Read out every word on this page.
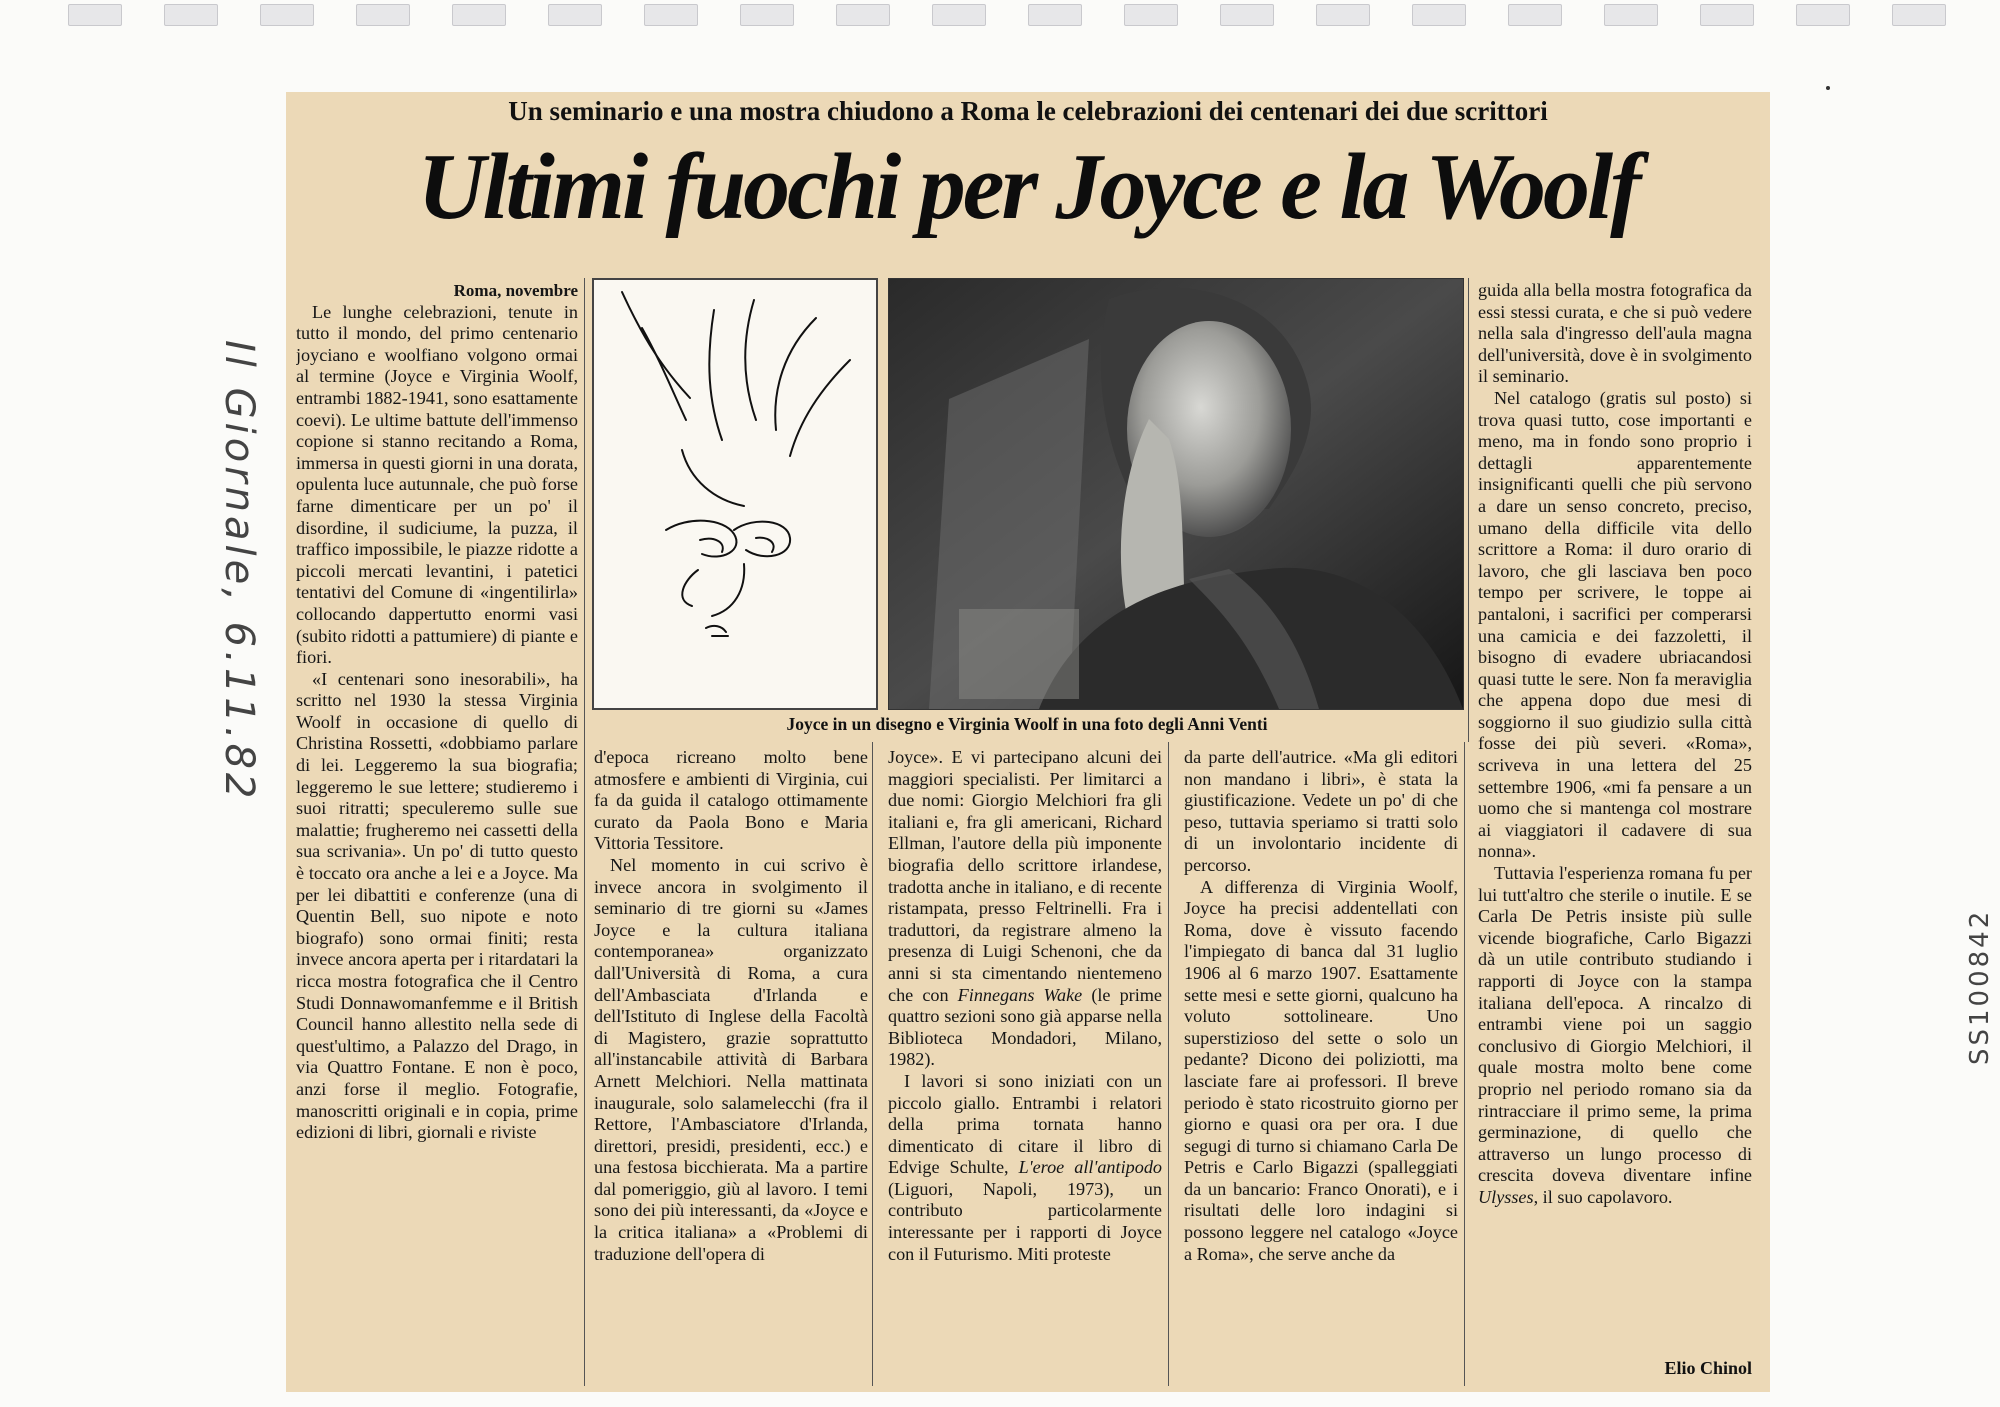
Il Giornale, 6.11.82
SS100842
Un seminario e una mostra chiudono a Roma le celebrazioni dei centenari dei due scrittori
Ultimi fuochi per Joyce e la Woolf
Roma, novembre

Le lunghe celebrazioni, tenute in tutto il mondo, del primo centenario joyciano e woolfiano volgono ormai al termine (Joyce e Virginia Woolf, entrambi 1882-1941, sono esattamente coevi). Le ultime battute dell'immenso copione si stanno recitando a Roma, immersa in questi giorni in una dorata, opulenta luce autunnale, che può forse farne dimenticare per un po' il disordine, il sudiciume, la puzza, il traffico impossibile, le piazze ridotte a piccoli mercati levantini, i patetici tentativi del Comune di «ingentilirla» collocando dappertutto enormi vasi (subito ridotti a pattumiere) di piante e fiori.

«I centenari sono inesorabili», ha scritto nel 1930 la stessa Virginia Woolf in occasione di quello di Christina Rossetti, «dobbiamo parlare di lei. Leggeremo la sua biografia; leggeremo le sue lettere; studieremo i suoi ritratti; speculeremo sulle sue malattie; frugheremo nei cassetti della sua scrivania». Un po' di tutto questo è toccato ora anche a lei e a Joyce. Ma per lei dibattiti e conferenze (una di Quentin Bell, suo nipote e noto biografo) sono ormai finiti; resta invece ancora aperta per i ritardatari la ricca mostra fotografica che il Centro Studi Donnawomanfemme e il British Council hanno allestito nella sede di quest'ultimo, a Palazzo del Drago, in via Quattro Fontane. E non è poco, anzi forse il meglio. Fotografie, manoscritti originali e in copia, prime edizioni di libri, giornali e riviste

Joyce in un disegno e Virginia Woolf in una foto degli Anni Venti

d'epoca ricreano molto bene atmosfere e ambienti di Virginia, cui fa da guida il catalogo ottimamente curato da Paola Bono e Maria Vittoria Tessitore.

Nel momento in cui scrivo è invece ancora in svolgimento il seminario di tre giorni su «James Joyce e la cultura italiana contemporanea» organizzato dall'Università di Roma, a cura dell'Ambasciata d'Irlanda e dell'Istituto di Inglese della Facoltà di Magistero, grazie soprattutto all'instancabile attività di Barbara Arnett Melchiori. Nella mattinata inaugurale, solo salamelecchi (fra il Rettore, l'Ambasciatore d'Irlanda, direttori, presidi, presidenti, ecc.) e una festosa bicchierata. Ma a partire dal pomeriggio, giù al lavoro. I temi sono dei più interessanti, da «Joyce e la critica italiana» a «Problemi di traduzione dell'opera di

Joyce». E vi partecipano alcuni dei maggiori specialisti. Per limitarci a due nomi: Giorgio Melchiori fra gli italiani e, fra gli americani, Richard Ellman, l'autore della più imponente biografia dello scrittore irlandese, tradotta anche in italiano, e di recente ristampata, presso Feltrinelli. Fra i traduttori, da registrare almeno la presenza di Luigi Schenoni, che da anni si sta cimentando nientemeno che con Finnegans Wake (le prime quattro sezioni sono già apparse nella Biblioteca Mondadori, Milano, 1982).

I lavori si sono iniziati con un piccolo giallo. Entrambi i relatori della prima tornata hanno dimenticato di citare il libro di Edvige Schulte, L'eroe all'antipodo (Liguori, Napoli, 1973), un contributo particolarmente interessante per i rapporti di Joyce con il Futurismo. Miti proteste

da parte dell'autrice. «Ma gli editori non mandano i libri», è stata la giustificazione. Vedete un po' di che peso, tuttavia speriamo si tratti solo di un involontario incidente di percorso.

A differenza di Virginia Woolf, Joyce ha precisi addentellati con Roma, dove è vissuto facendo l'impiegato di banca dal 31 luglio 1906 al 6 marzo 1907. Esattamente sette mesi e sette giorni, qualcuno ha voluto sottolineare. Uno superstizioso del sette o solo un pedante? Dicono dei poliziotti, ma lasciate fare ai professori. Il breve periodo è stato ricostruito giorno per giorno e quasi ora per ora. I due segugi di turno si chiamano Carla De Petris e Carlo Bigazzi (spalleggiati da un bancario: Franco Onorati), e i risultati delle loro indagini si possono leggere nel catalogo «Joyce a Roma», che serve anche da

guida alla bella mostra fotografica da essi stessi curata, e che si può vedere nella sala d'ingresso dell'aula magna dell'università, dove è in svolgimento il seminario.

Nel catalogo (gratis sul posto) si trova quasi tutto, cose importanti e meno, ma in fondo sono proprio i dettagli apparentemente insignificanti quelli che più servono a dare un senso concreto, preciso, umano della difficile vita dello scrittore a Roma: il duro orario di lavoro, che gli lasciava ben poco tempo per scrivere, le toppe ai pantaloni, i sacrifici per comperarsi una camicia e dei fazzoletti, il bisogno di evadere ubriacandosi quasi tutte le sere. Non fa meraviglia che appena dopo due mesi di soggiorno il suo giudizio sulla città fosse dei più severi. «Roma», scriveva in una lettera del 25 settembre 1906, «mi fa pensare a un uomo che si mantenga col mostrare ai viaggiatori il cadavere di sua nonna».

Tuttavia l'esperienza romana fu per lui tutt'altro che sterile o inutile. E se Carla De Petris insiste più sulle vicende biografiche, Carlo Bigazzi dà un utile contributo studiando i rapporti di Joyce con la stampa italiana dell'epoca. A rincalzo di entrambi viene poi un saggio conclusivo di Giorgio Melchiori, il quale mostra molto bene come proprio nel periodo romano sia da rintracciare il primo seme, la prima germinazione, di quello che attraverso un lungo processo di crescita doveva diventare infine Ulysses, il suo capolavoro.

Elio Chinol
